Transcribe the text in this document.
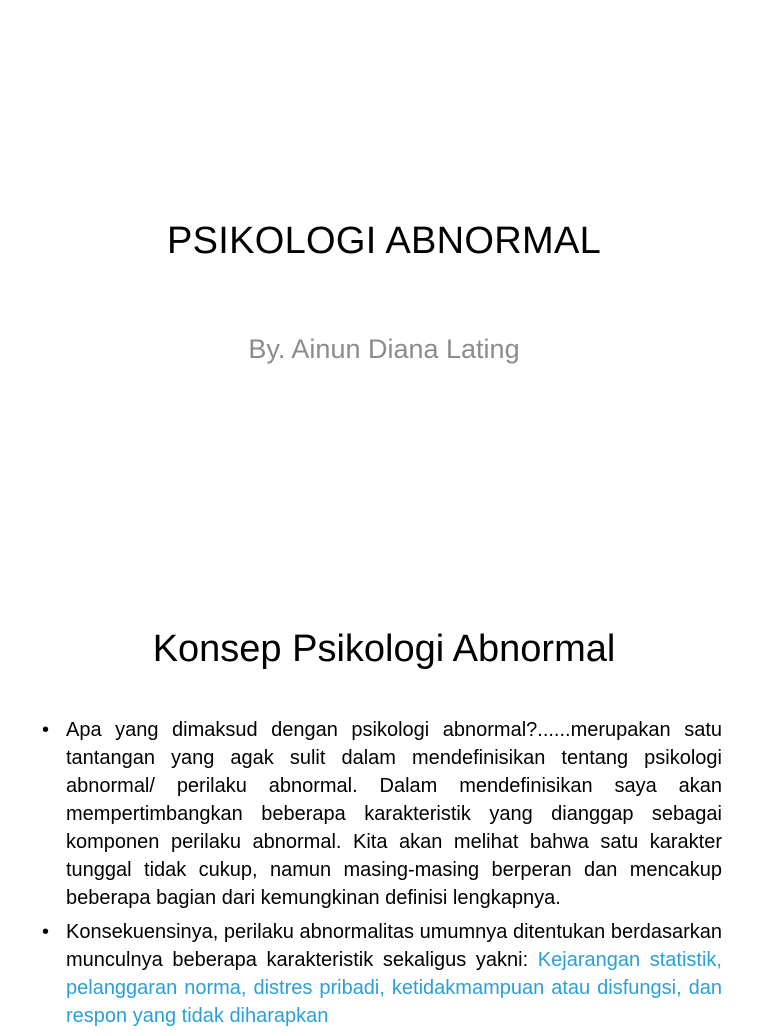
PSIKOLOGI ABNORMAL
By. Ainun Diana Lating
Konsep Psikologi Abnormal
• Apa yang dimaksud dengan psikologi abnormal?......merupakan satu tantangan yang agak sulit dalam mendefinisikan tentang psikologi abnormal/ perilaku abnormal. Dalam mendefinisikan saya akan mempertimbangkan beberapa karakteristik yang dianggap sebagai komponen perilaku abnormal. Kita akan melihat bahwa satu karakter tunggal tidak cukup, namun masing-masing berperan dan mencakup beberapa bagian dari kemungkinan definisi lengkapnya.
• Konsekuensinya, perilaku abnormalitas umumnya ditentukan berdasarkan munculnya beberapa karakteristik sekaligus yakni: Kejarangan statistik, pelanggaran norma, distres pribadi, ketidakmampuan atau disfungsi, dan respon yang tidak diharapkan
